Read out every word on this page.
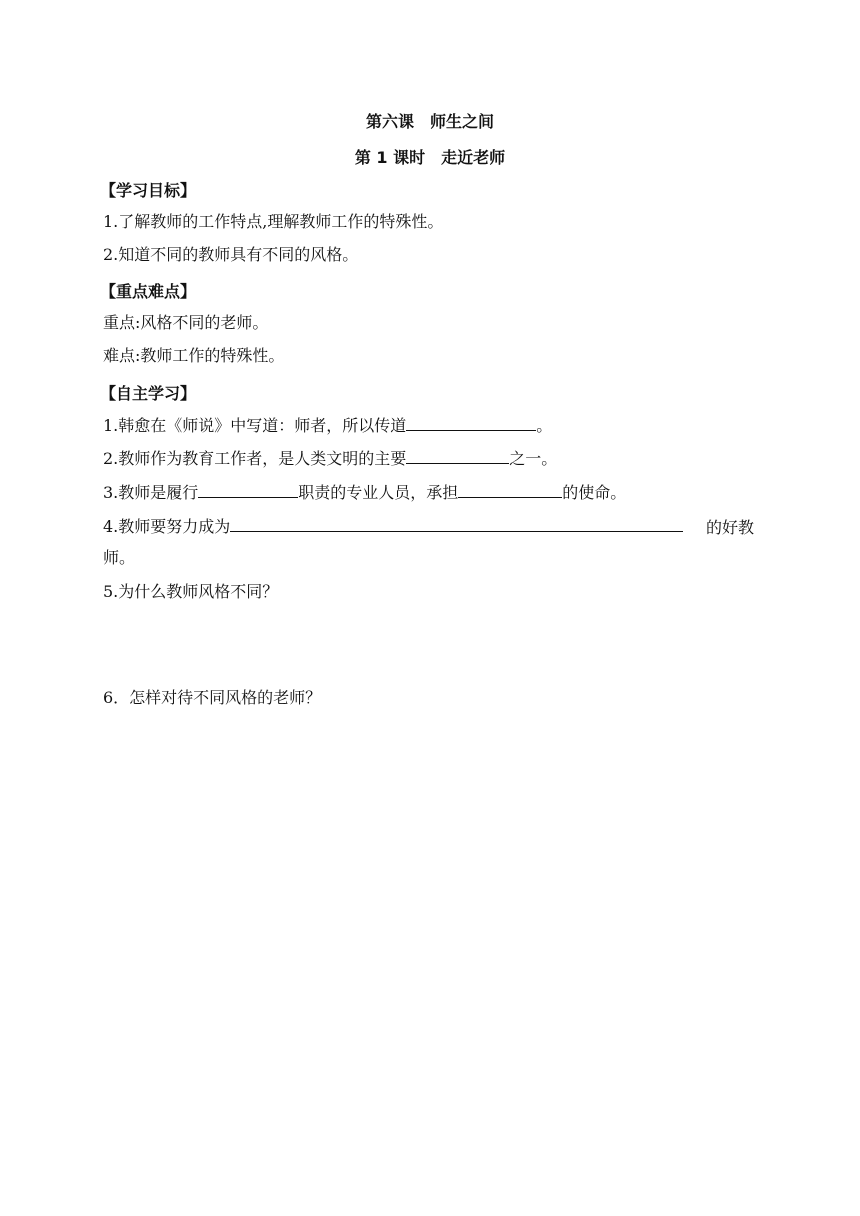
第六课　师生之间
第 1 课时　走近老师
【学习目标】
1.了解教师的工作特点,理解教师工作的特殊性。
2.知道不同的教师具有不同的风格。
【重点难点】
重点:风格不同的老师。
难点:教师工作的特殊性。
【自主学习】
1.韩愈在《师说》中写道：师者，所以传道	。
2.教师作为教育工作者，是人类文明的主要	之一。
3.教师是履行	职责的专业人员，承担	的使命。
4.教师要努力成为	的好教
师。
5.为什么教师风格不同？
6．怎样对待不同风格的老师？
